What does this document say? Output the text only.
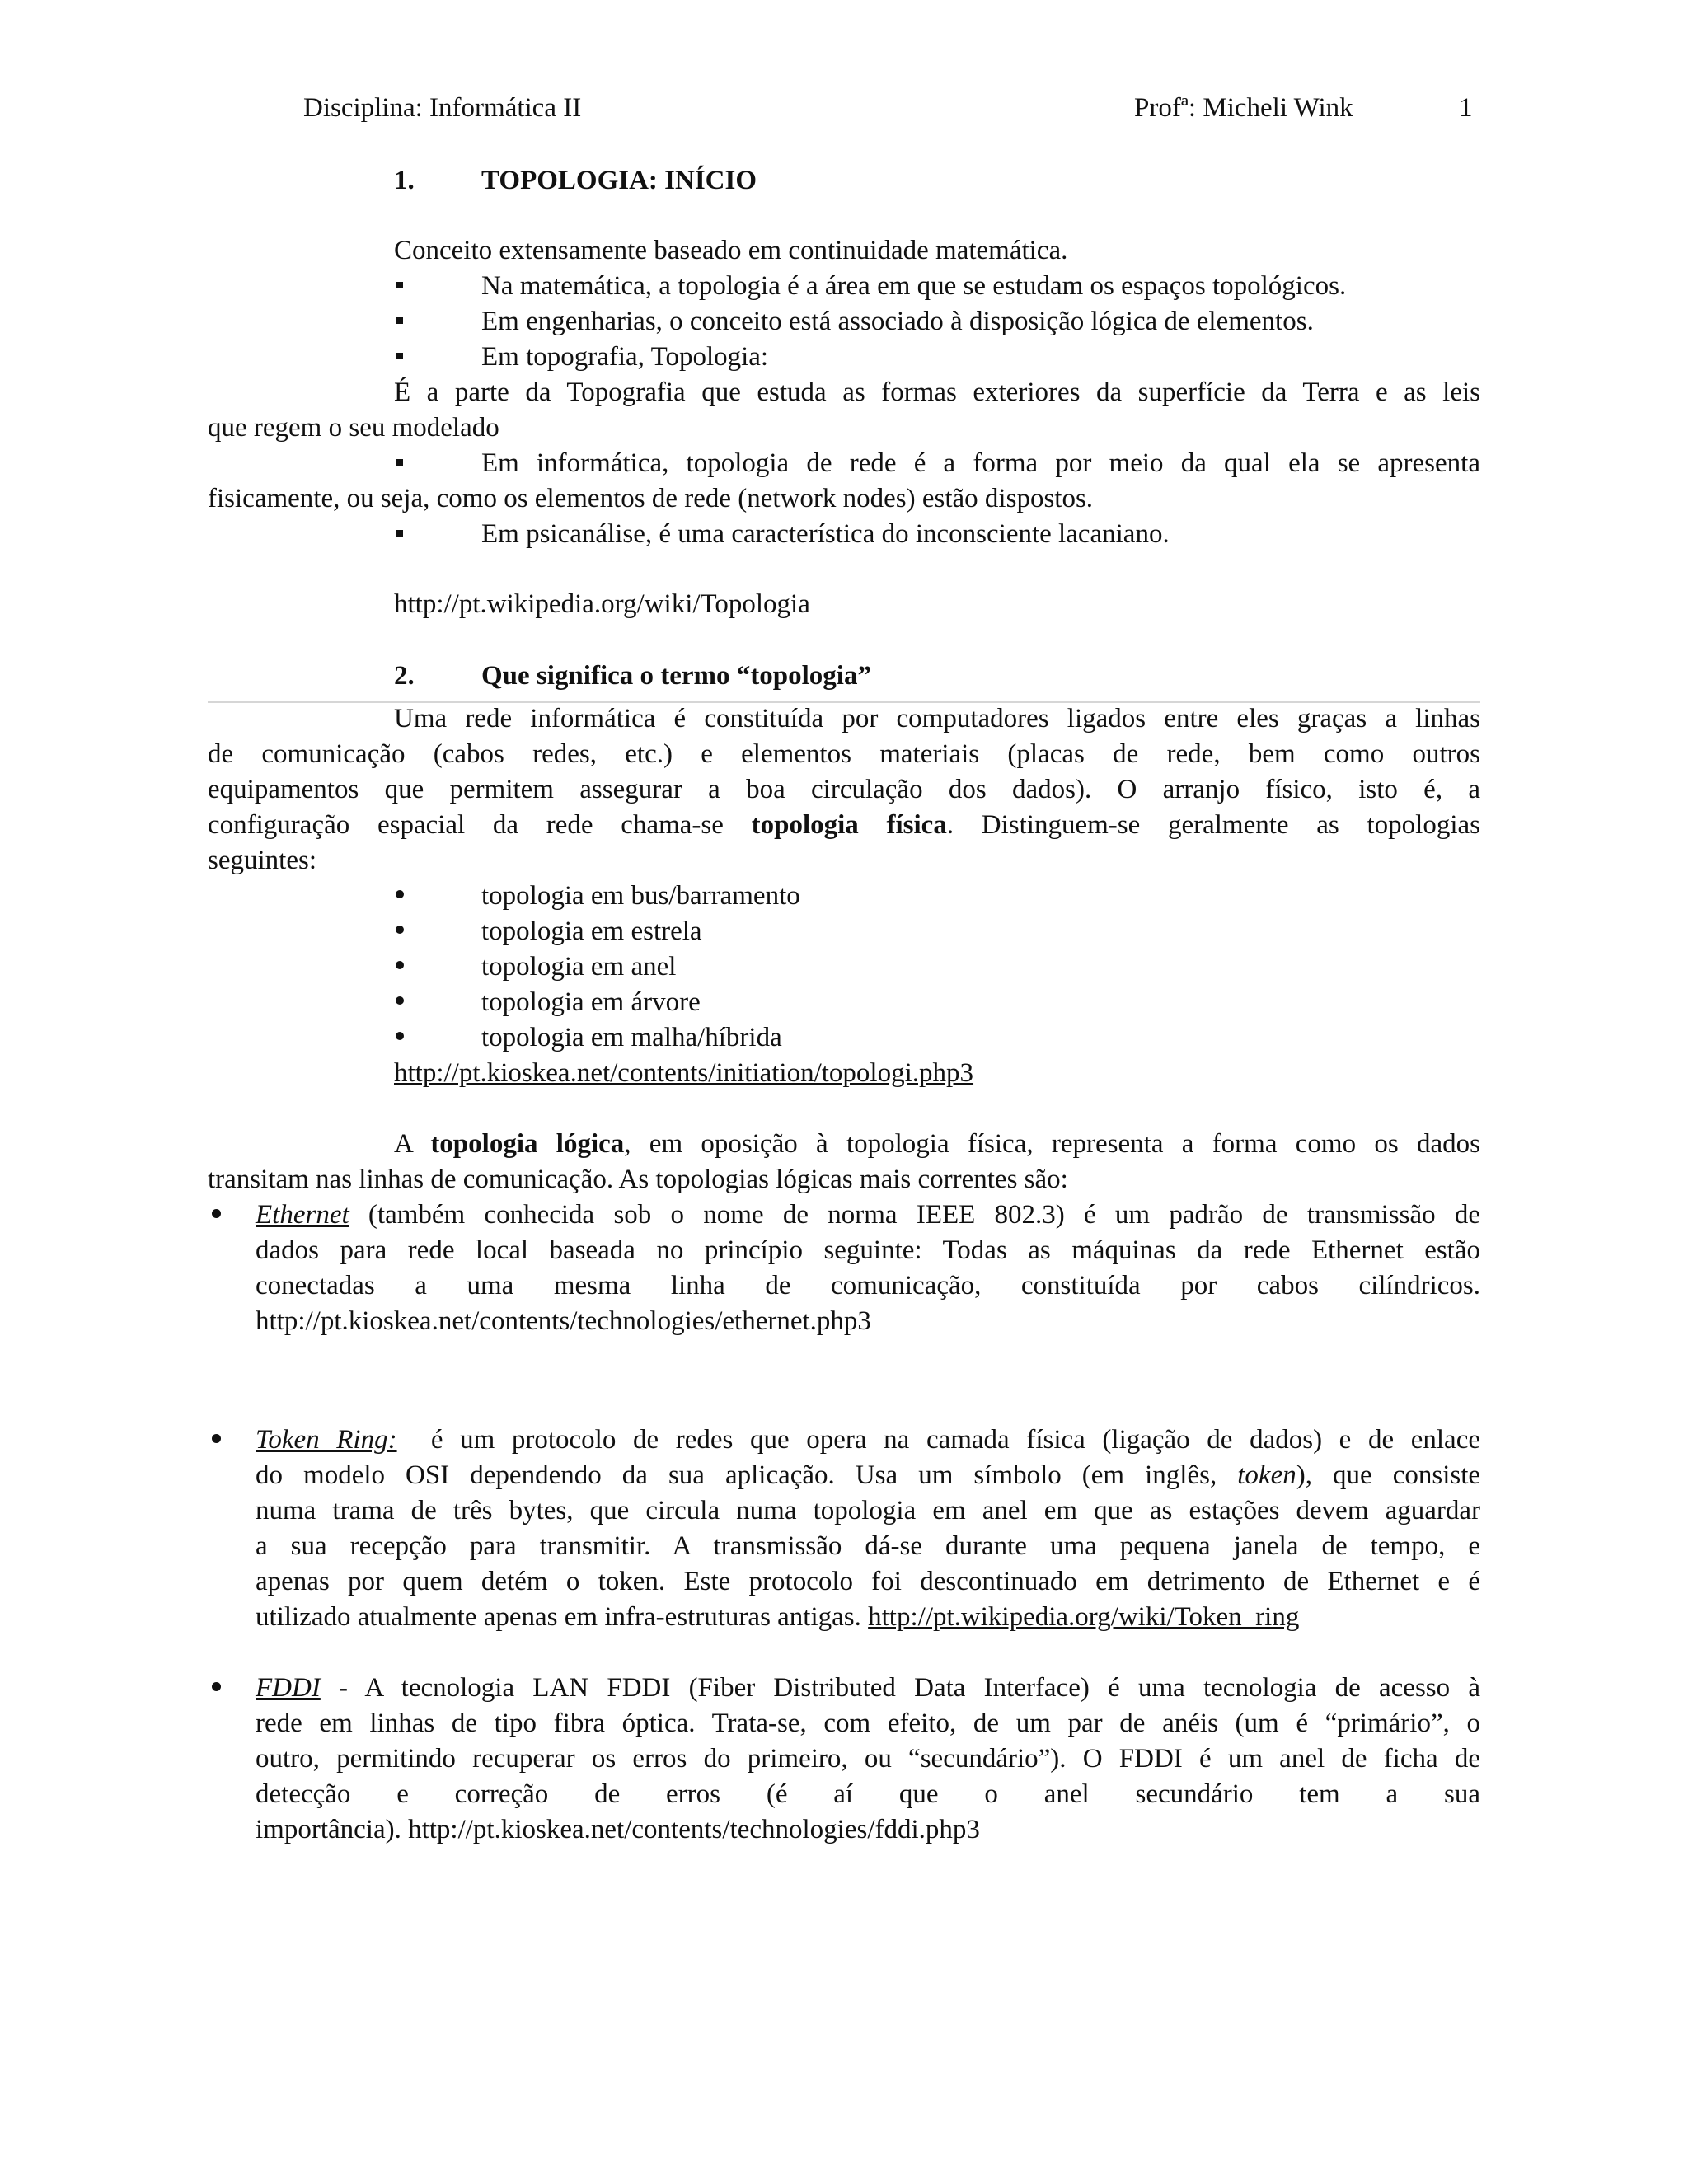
Disciplina: Informática II	Profª: Micheli Wink	1
1. TOPOLOGIA: INÍCIO
Conceito extensamente baseado em continuidade matemática.
Na matemática, a topologia é a área em que se estudam os espaços topológicos.
Em engenharias, o conceito está associado à disposição lógica de elementos.
Em topografia, Topologia:
É a parte da Topografia que estuda as formas exteriores da superfície da Terra e as leis
que regem o seu modelado
Em informática, topologia de rede é a forma por meio da qual ela se apresenta
fisicamente, ou seja, como os elementos de rede (network nodes) estão dispostos.
Em psicanálise, é uma característica do inconsciente lacaniano.
http://pt.wikipedia.org/wiki/Topologia
2. Que significa o termo “topologia”
Uma rede informática é constituída por computadores ligados entre eles graças a linhas
de comunicação (cabos redes, etc.) e elementos materiais (placas de rede, bem como outros
equipamentos que permitem assegurar a boa circulação dos dados). O arranjo físico, isto é, a
configuração espacial da rede chama-se topologia física. Distinguem-se geralmente as topologias
seguintes:
topologia em bus/barramento
topologia em estrela
topologia em anel
topologia em árvore
topologia em malha/híbrida
http://pt.kioskea.net/contents/initiation/topologi.php3
A topologia lógica, em oposição à topologia física, representa a forma como os dados
transitam nas linhas de comunicação. As topologias lógicas mais correntes são:
Ethernet (também conhecida sob o nome de norma IEEE 802.3) é um padrão de transmissão de
dados para rede local baseada no princípio seguinte: Todas as máquinas da rede Ethernet estão
conectadas a uma mesma linha de comunicação, constituída por cabos cilíndricos.
http://pt.kioskea.net/contents/technologies/ethernet.php3
Token Ring: é um protocolo de redes que opera na camada física (ligação de dados) e de enlace
do modelo OSI dependendo da sua aplicação. Usa um símbolo (em inglês, token), que consiste
numa trama de três bytes, que circula numa topologia em anel em que as estações devem aguardar
a sua recepção para transmitir. A transmissão dá-se durante uma pequena janela de tempo, e
apenas por quem detém o token. Este protocolo foi descontinuado em detrimento de Ethernet e é
utilizado atualmente apenas em infra-estruturas antigas. http://pt.wikipedia.org/wiki/Token_ring
FDDI - A tecnologia LAN FDDI (Fiber Distributed Data Interface) é uma tecnologia de acesso à
rede em linhas de tipo fibra óptica. Trata-se, com efeito, de um par de anéis (um é “primário”, o
outro, permitindo recuperar os erros do primeiro, ou “secundário”). O FDDI é um anel de ficha de
detecção e correção de erros (é aí que o anel secundário tem a sua
importância). http://pt.kioskea.net/contents/technologies/fddi.php3
